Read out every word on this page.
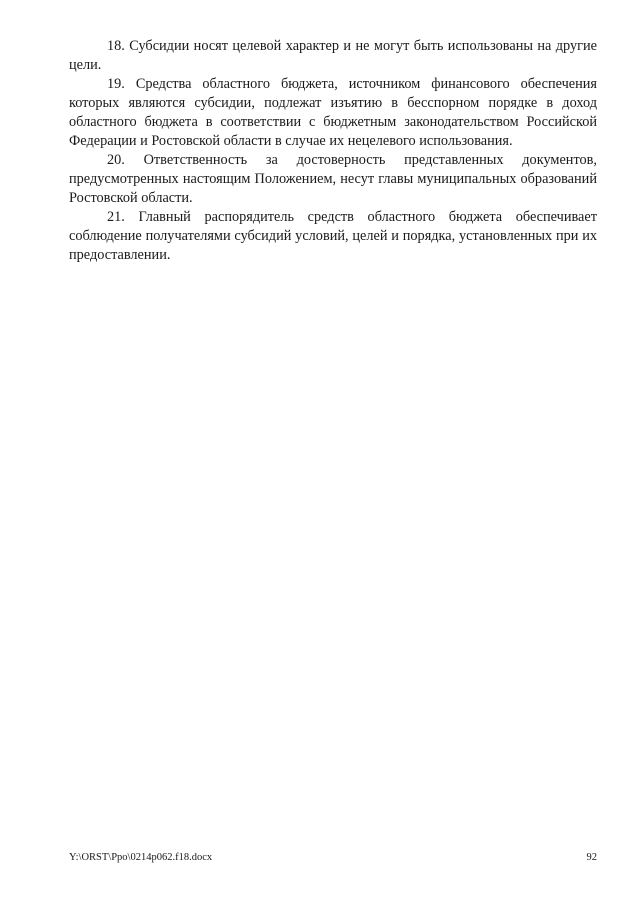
18. Субсидии носят целевой характер и не могут быть использованы на другие цели.

19. Средства областного бюджета, источником финансового обеспечения которых являются субсидии, подлежат изъятию в бесспорном порядке в доход областного бюджета в соответствии с бюджетным законодательством Российской Федерации и Ростовской области в случае их нецелевого использования.

20. Ответственность за достоверность представленных документов, предусмотренных настоящим Положением, несут главы муниципальных образований Ростовской области.

21. Главный распорядитель средств областного бюджета обеспечивает соблюдение получателями субсидий условий, целей и порядка, установленных при их предоставлении.

Y:\ORST\Ppo\0214p062.f18.docx	92
